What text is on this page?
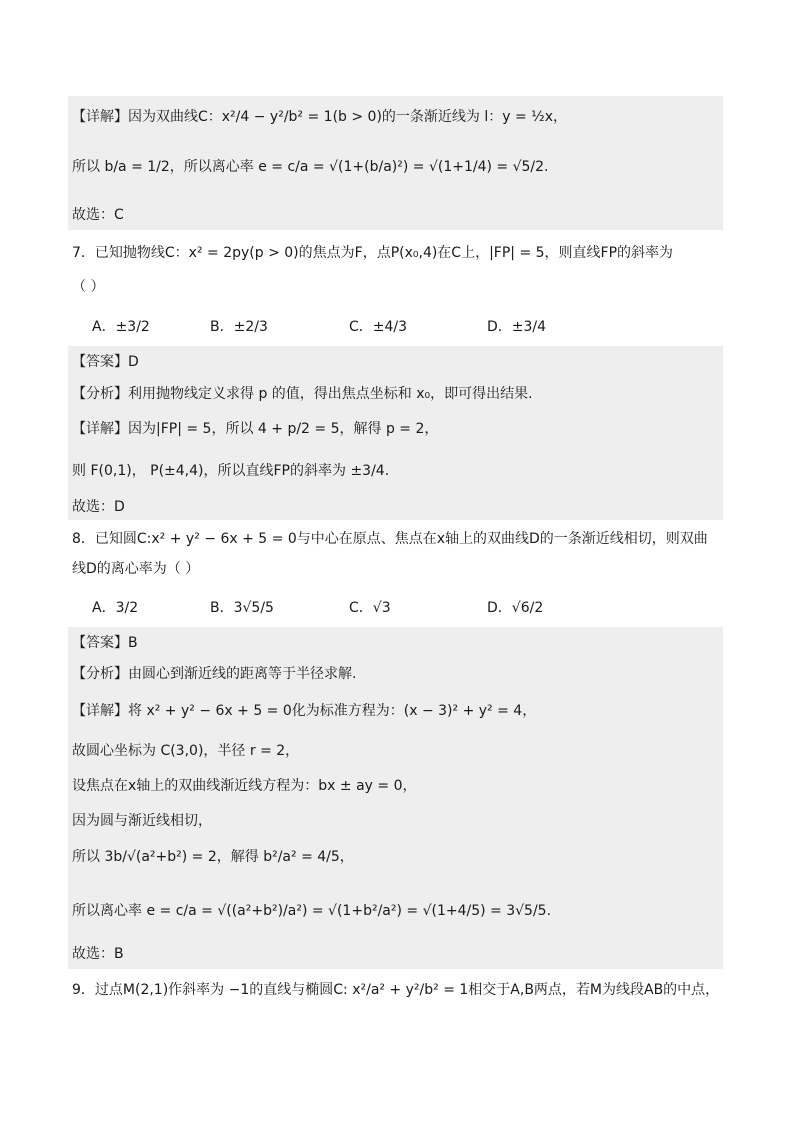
【详解】因为双曲线C：x²/4 − y²/b² = 1(b > 0)的一条渐近线为 l：y = ½x，
所以 b/a = 1/2，所以离心率 e = c/a = √(1+(b/a)²) = √(1+1/4) = √5/2.
故选：C
7．已知抛物线C：x² = 2py(p > 0)的焦点为F，点P(x₀,4)在C上，|FP| = 5，则直线FP的斜率为
（ ）
A．±3/2	B．±2/3	C．±4/3	D．±3/4
【答案】D
【分析】利用抛物线定义求得 p 的值，得出焦点坐标和 x₀，即可得出结果.
【详解】因为|FP| = 5，所以 4 + p/2 = 5，解得 p = 2，
则 F(0,1)， P(±4,4)，所以直线FP的斜率为 ±3/4.
故选：D
8．已知圆C:x² + y² − 6x + 5 = 0与中心在原点、焦点在x轴上的双曲线D的一条渐近线相切，则双曲
线D的离心率为（ ）
A．3/2	B．3√5/5	C．√3	D．√6/2
【答案】B
【分析】由圆心到渐近线的距离等于半径求解.
【详解】将 x² + y² − 6x + 5 = 0化为标准方程为：(x − 3)² + y² = 4，
故圆心坐标为 C(3,0)，半径 r = 2，
设焦点在x轴上的双曲线渐近线方程为：bx ± ay = 0，
因为圆与渐近线相切，
所以 3b/√(a²+b²) = 2，解得 b²/a² = 4/5，
所以离心率 e = c/a = √((a²+b²)/a²) = √(1+b²/a²) = √(1+4/5) = 3√5/5.
故选：B
9．过点M(2,1)作斜率为 −1的直线与椭圆C: x²/a² + y²/b² = 1相交于A,B两点，若M为线段AB的中点，
